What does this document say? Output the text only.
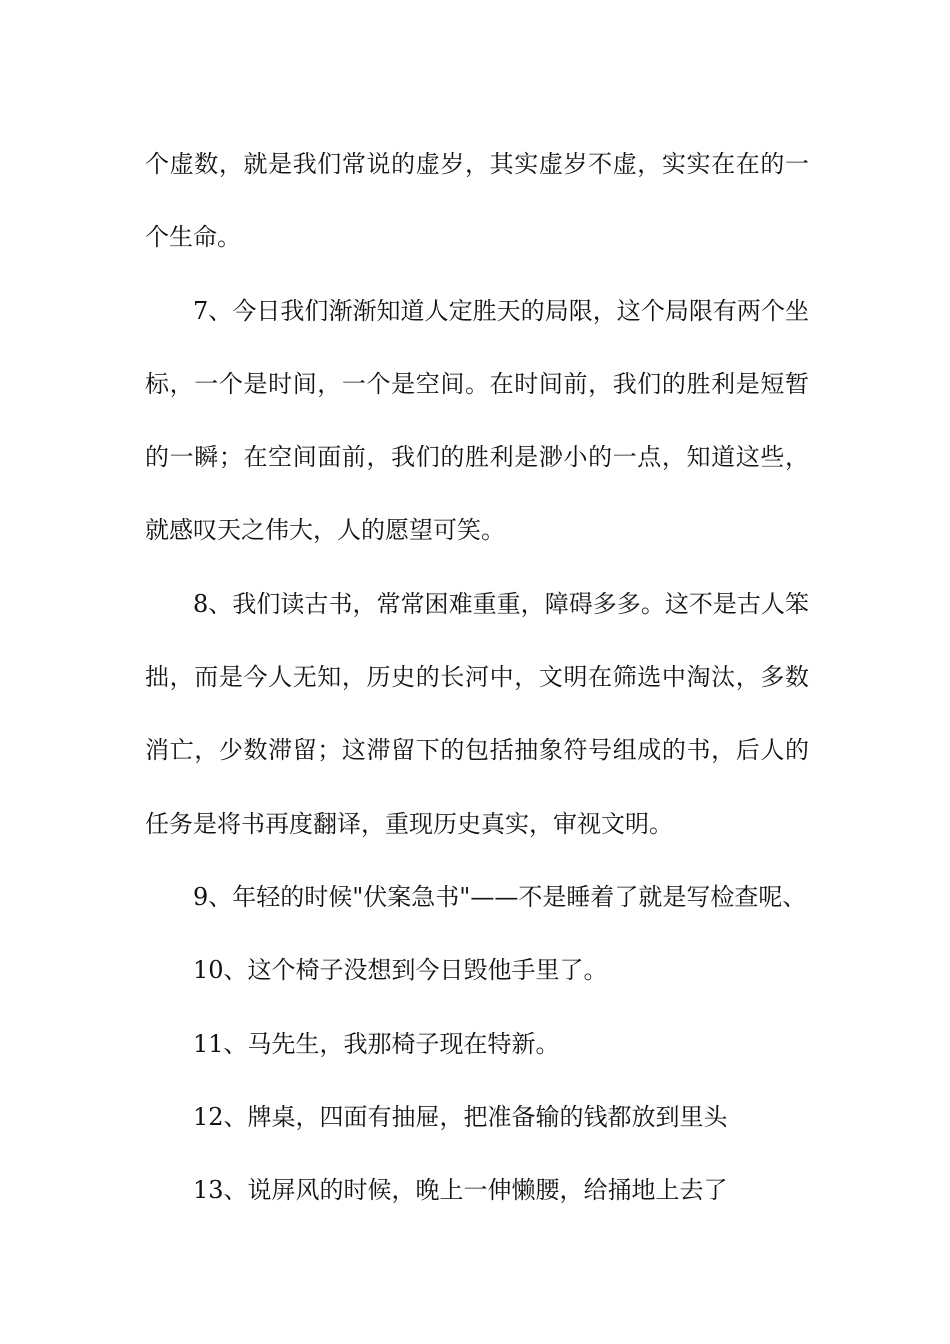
个虚数，就是我们常说的虚岁，其实虚岁不虚，实实在在的一个生命。

7、今日我们渐渐知道人定胜天的局限，这个局限有两个坐标，一个是时间，一个是空间。在时间前，我们的胜利是短暂的一瞬；在空间面前，我们的胜利是渺小的一点，知道这些，就感叹天之伟大，人的愿望可笑。

8、我们读古书，常常困难重重，障碍多多。这不是古人笨拙，而是今人无知，历史的长河中，文明在筛选中淘汰，多数消亡，少数滞留；这滞留下的包括抽象符号组成的书，后人的任务是将书再度翻译，重现历史真实，审视文明。

9、年轻的时候"伏案急书"——不是睡着了就是写检查呢、

10、这个椅子没想到今日毁他手里了。

11、马先生，我那椅子现在特新。

12、牌桌，四面有抽屉，把准备输的钱都放到里头

13、说屏风的时候，晚上一伸懒腰，给捅地上去了
